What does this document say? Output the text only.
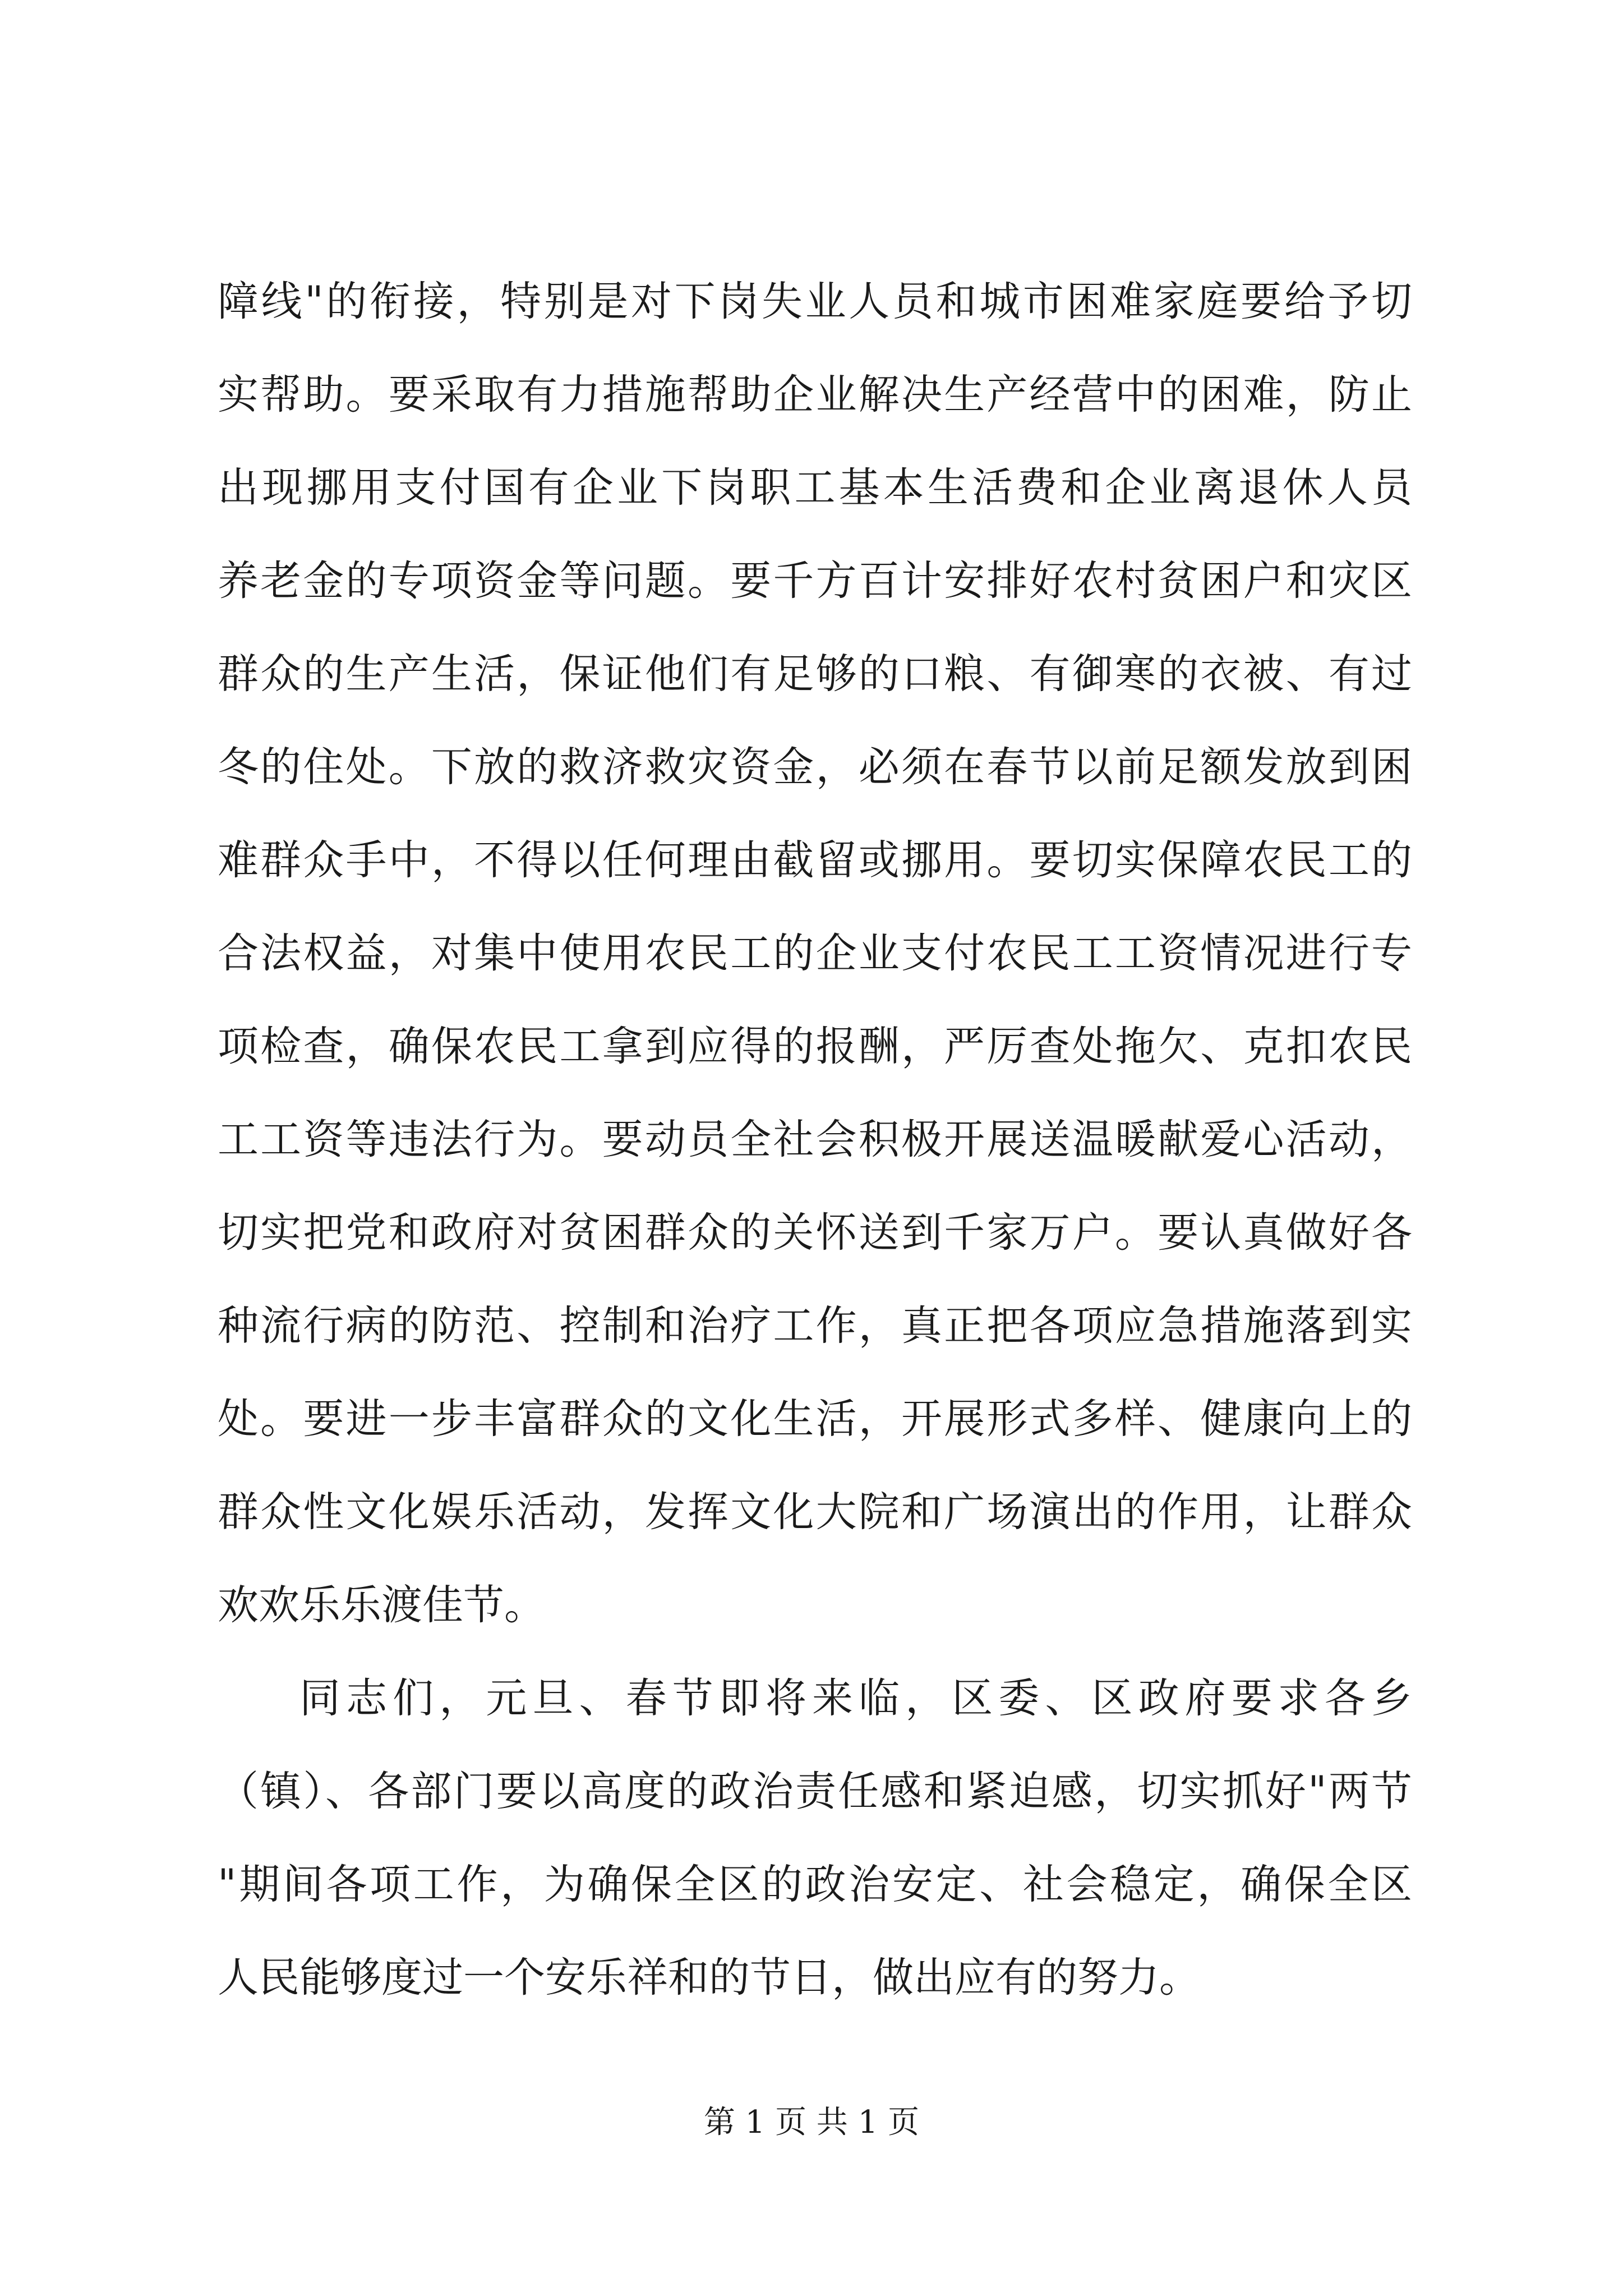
障线"的衔接，特别是对下岗失业人员和城市困难家庭要给予切
实帮助。要采取有力措施帮助企业解决生产经营中的困难，防止
出现挪用支付国有企业下岗职工基本生活费和企业离退休人员
养老金的专项资金等问题。要千方百计安排好农村贫困户和灾区
群众的生产生活，保证他们有足够的口粮、有御寒的衣被、有过
冬的住处。下放的救济救灾资金，必须在春节以前足额发放到困
难群众手中，不得以任何理由截留或挪用。要切实保障农民工的
合法权益，对集中使用农民工的企业支付农民工工资情况进行专
项检查，确保农民工拿到应得的报酬，严厉查处拖欠、克扣农民
工工资等违法行为。要动员全社会积极开展送温暖献爱心活动，
切实把党和政府对贫困群众的关怀送到千家万户。要认真做好各
种流行病的防范、控制和治疗工作，真正把各项应急措施落到实
处。要进一步丰富群众的文化生活，开展形式多样、健康向上的
群众性文化娱乐活动，发挥文化大院和广场演出的作用，让群众
欢欢乐乐渡佳节。
同志们，元旦、春节即将来临，区委、区政府要求各乡
（镇）、各部门要以高度的政治责任感和紧迫感，切实抓好"两节
"期间各项工作，为确保全区的政治安定、社会稳定，确保全区
人民能够度过一个安乐祥和的节日，做出应有的努力。
第 1 页 共 1 页
